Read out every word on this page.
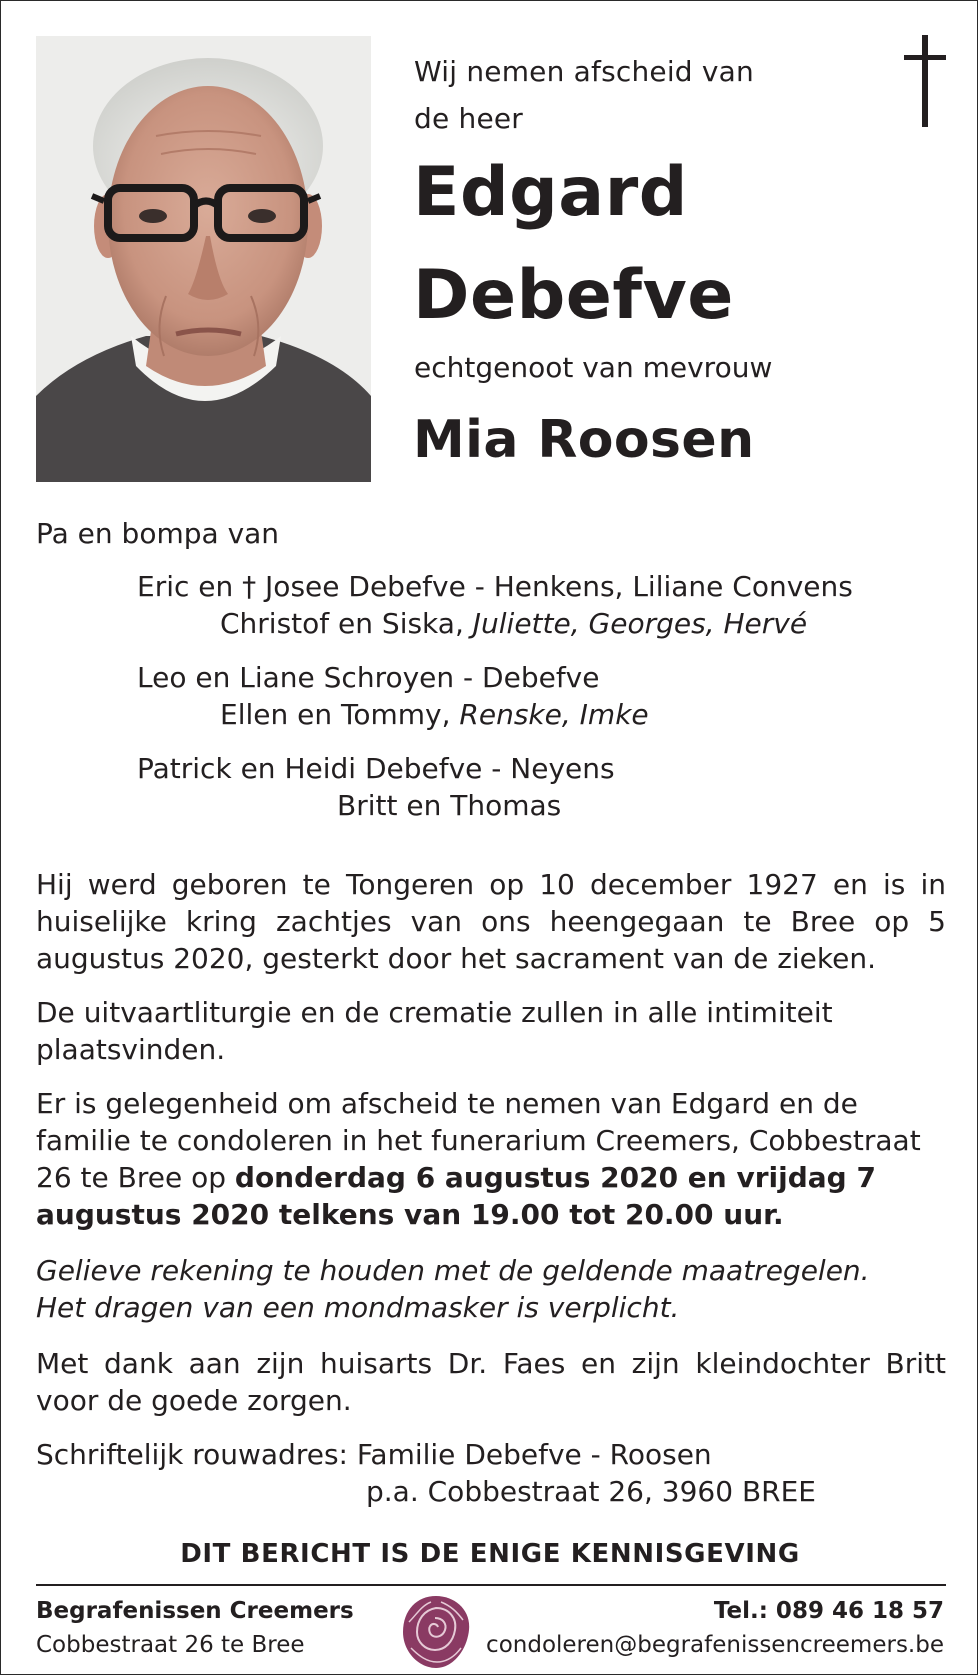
Wij nemen afscheid van
de heer
Edgard
Debefve
echtgenoot van mevrouw
Mia Roosen
Pa en bompa van
Eric en † Josee Debefve - Henkens, Liliane Convens
Christof en Siska, Juliette, Georges, Hervé
Leo en Liane Schroyen - Debefve
Ellen en Tommy, Renske, Imke
Patrick en Heidi Debefve - Neyens
Britt en Thomas
Hij werd geboren te Tongeren op 10 december 1927 en is in huiselijke kring zachtjes van ons heengegaan te Bree op 5 augustus 2020, gesterkt door het sacrament van de zieken.
De uitvaartliturgie en de crematie zullen in alle intimiteit plaatsvinden.
Er is gelegenheid om afscheid te nemen van Edgard en de familie te condoleren in het funerarium Creemers, Cobbestraat 26 te Bree op donderdag 6 augustus 2020 en vrijdag 7 augustus 2020 telkens van 19.00 tot 20.00 uur.
Gelieve rekening te houden met de geldende maatregelen.
Het dragen van een mondmasker is verplicht.
Met dank aan zijn huisarts Dr. Faes en zijn kleindochter Britt voor de goede zorgen.
Schriftelijk rouwadres: Familie Debefve - Roosen
p.a. Cobbestraat 26, 3960 BREE
DIT BERICHT IS DE ENIGE KENNISGEVING
Begrafenissen Creemers
Cobbestraat 26 te Bree
Tel.: 089 46 18 57
condoleren@begrafenissencreemers.be
